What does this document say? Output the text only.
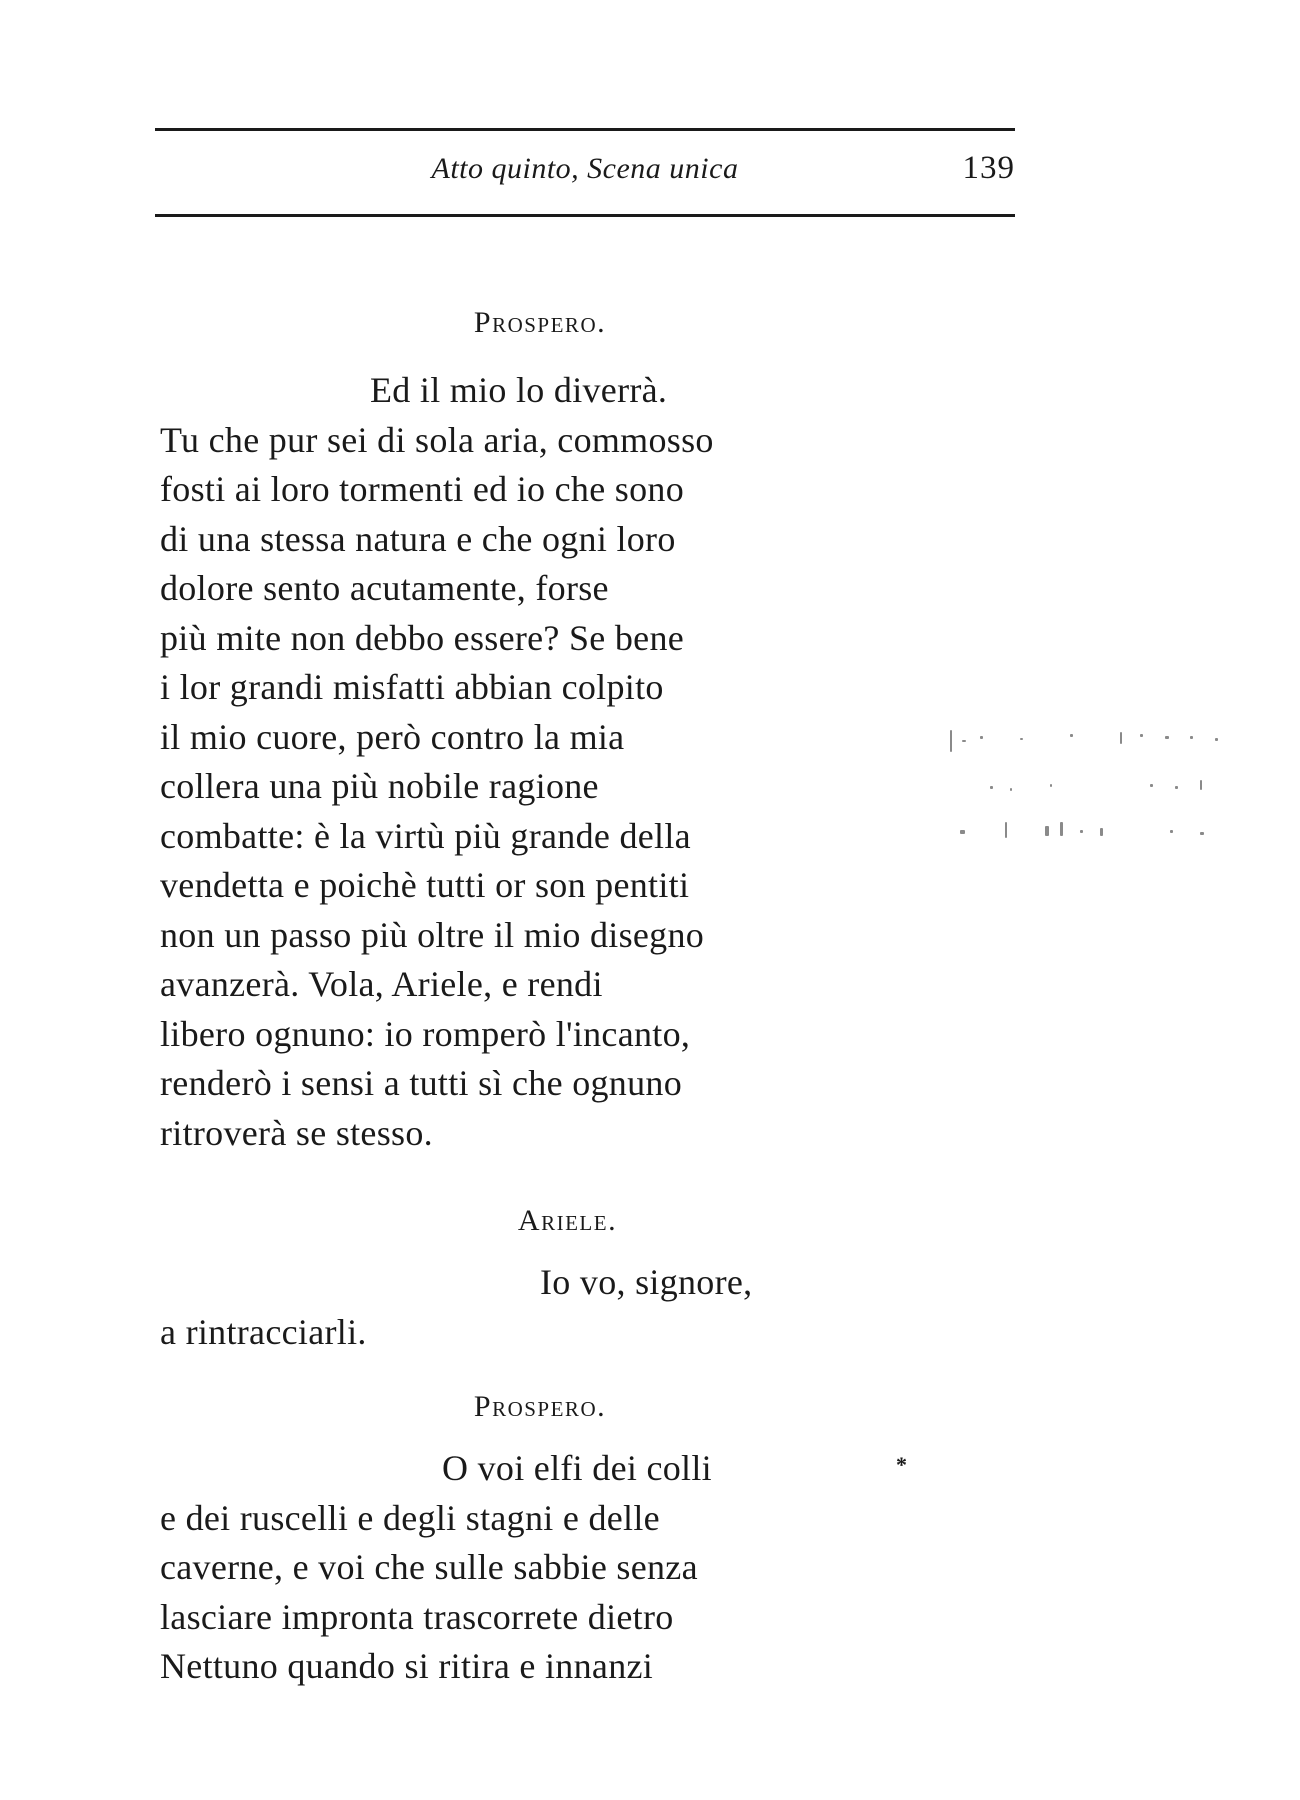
Atto quinto, Scena unica	139
Prospero.
Ed il mio lo diverrà.
Tu che pur sei di sola aria, commosso
fosti ai loro tormenti ed io che sono
di una stessa natura e che ogni loro
dolore sento acutamente, forse
più mite non debbo essere? Se bene
i lor grandi misfatti abbian colpito
il mio cuore, però contro la mia
collera una più nobile ragione
combatte: è la virtù più grande della
vendetta e poichè tutti or son pentiti
non un passo più oltre il mio disegno
avanzerà. Vola, Ariele, e rendi
libero ognuno: io romperò l'incanto,
renderò i sensi a tutti sì che ognuno
ritroverà se stesso.
Ariele.
Io vo, signore,
a rintracciarli.
Prospero.
O voi elfi dei colli
e dei ruscelli e degli stagni e delle
caverne, e voi che sulle sabbie senza
lasciare impronta trascorrete dietro
Nettuno quando si ritira e innanzi
*
